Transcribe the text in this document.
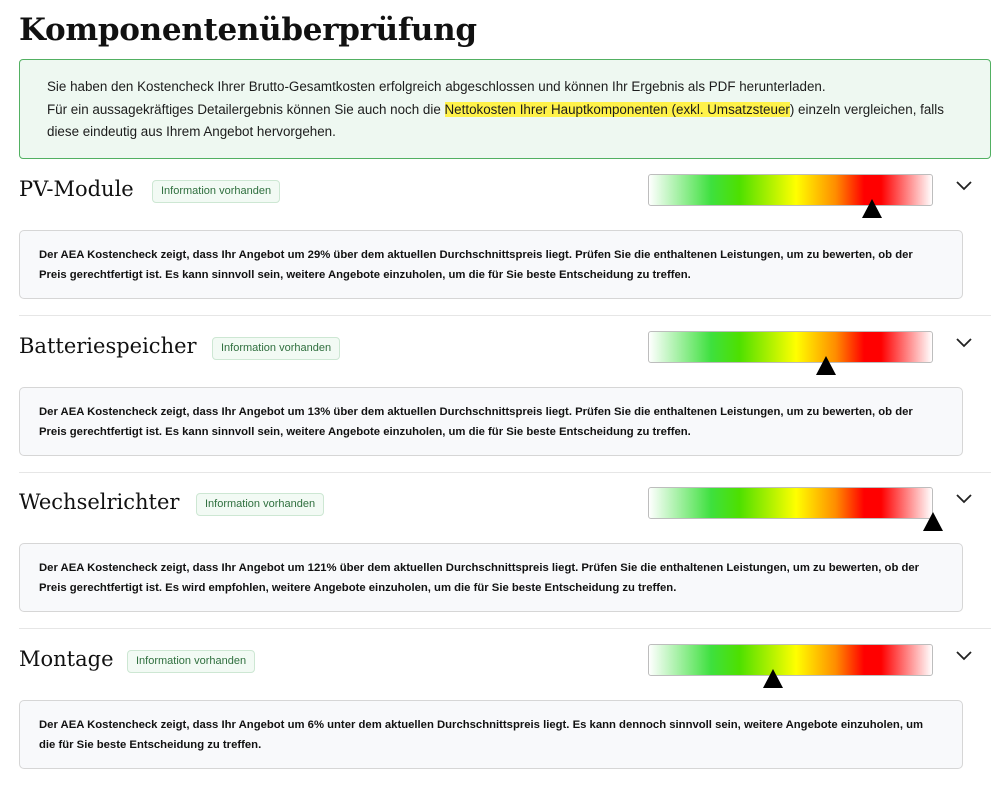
Komponentenüberprüfung
Sie haben den Kostencheck Ihrer Brutto-Gesamtkosten erfolgreich abgeschlossen und können Ihr Ergebnis als PDF herunterladen.
Für ein aussagekräftiges Detailergebnis können Sie auch noch die Nettokosten Ihrer Hauptkomponenten (exkl. Umsatzsteuer) einzeln vergleichen, falls diese eindeutig aus Ihrem Angebot hervorgehen.
PV-Module	Information vorhanden
Der AEA Kostencheck zeigt, dass Ihr Angebot um 29% über dem aktuellen Durchschnittspreis liegt. Prüfen Sie die enthaltenen Leistungen, um zu bewerten, ob der Preis gerechtfertigt ist. Es kann sinnvoll sein, weitere Angebote einzuholen, um die für Sie beste Entscheidung zu treffen.
Batteriespeicher	Information vorhanden
Der AEA Kostencheck zeigt, dass Ihr Angebot um 13% über dem aktuellen Durchschnittspreis liegt. Prüfen Sie die enthaltenen Leistungen, um zu bewerten, ob der Preis gerechtfertigt ist. Es kann sinnvoll sein, weitere Angebote einzuholen, um die für Sie beste Entscheidung zu treffen.
Wechselrichter	Information vorhanden
Der AEA Kostencheck zeigt, dass Ihr Angebot um 121% über dem aktuellen Durchschnittspreis liegt. Prüfen Sie die enthaltenen Leistungen, um zu bewerten, ob der Preis gerechtfertigt ist. Es wird empfohlen, weitere Angebote einzuholen, um die für Sie beste Entscheidung zu treffen.
Montage	Information vorhanden
Der AEA Kostencheck zeigt, dass Ihr Angebot um 6% unter dem aktuellen Durchschnittspreis liegt. Es kann dennoch sinnvoll sein, weitere Angebote einzuholen, um die für Sie beste Entscheidung zu treffen.
